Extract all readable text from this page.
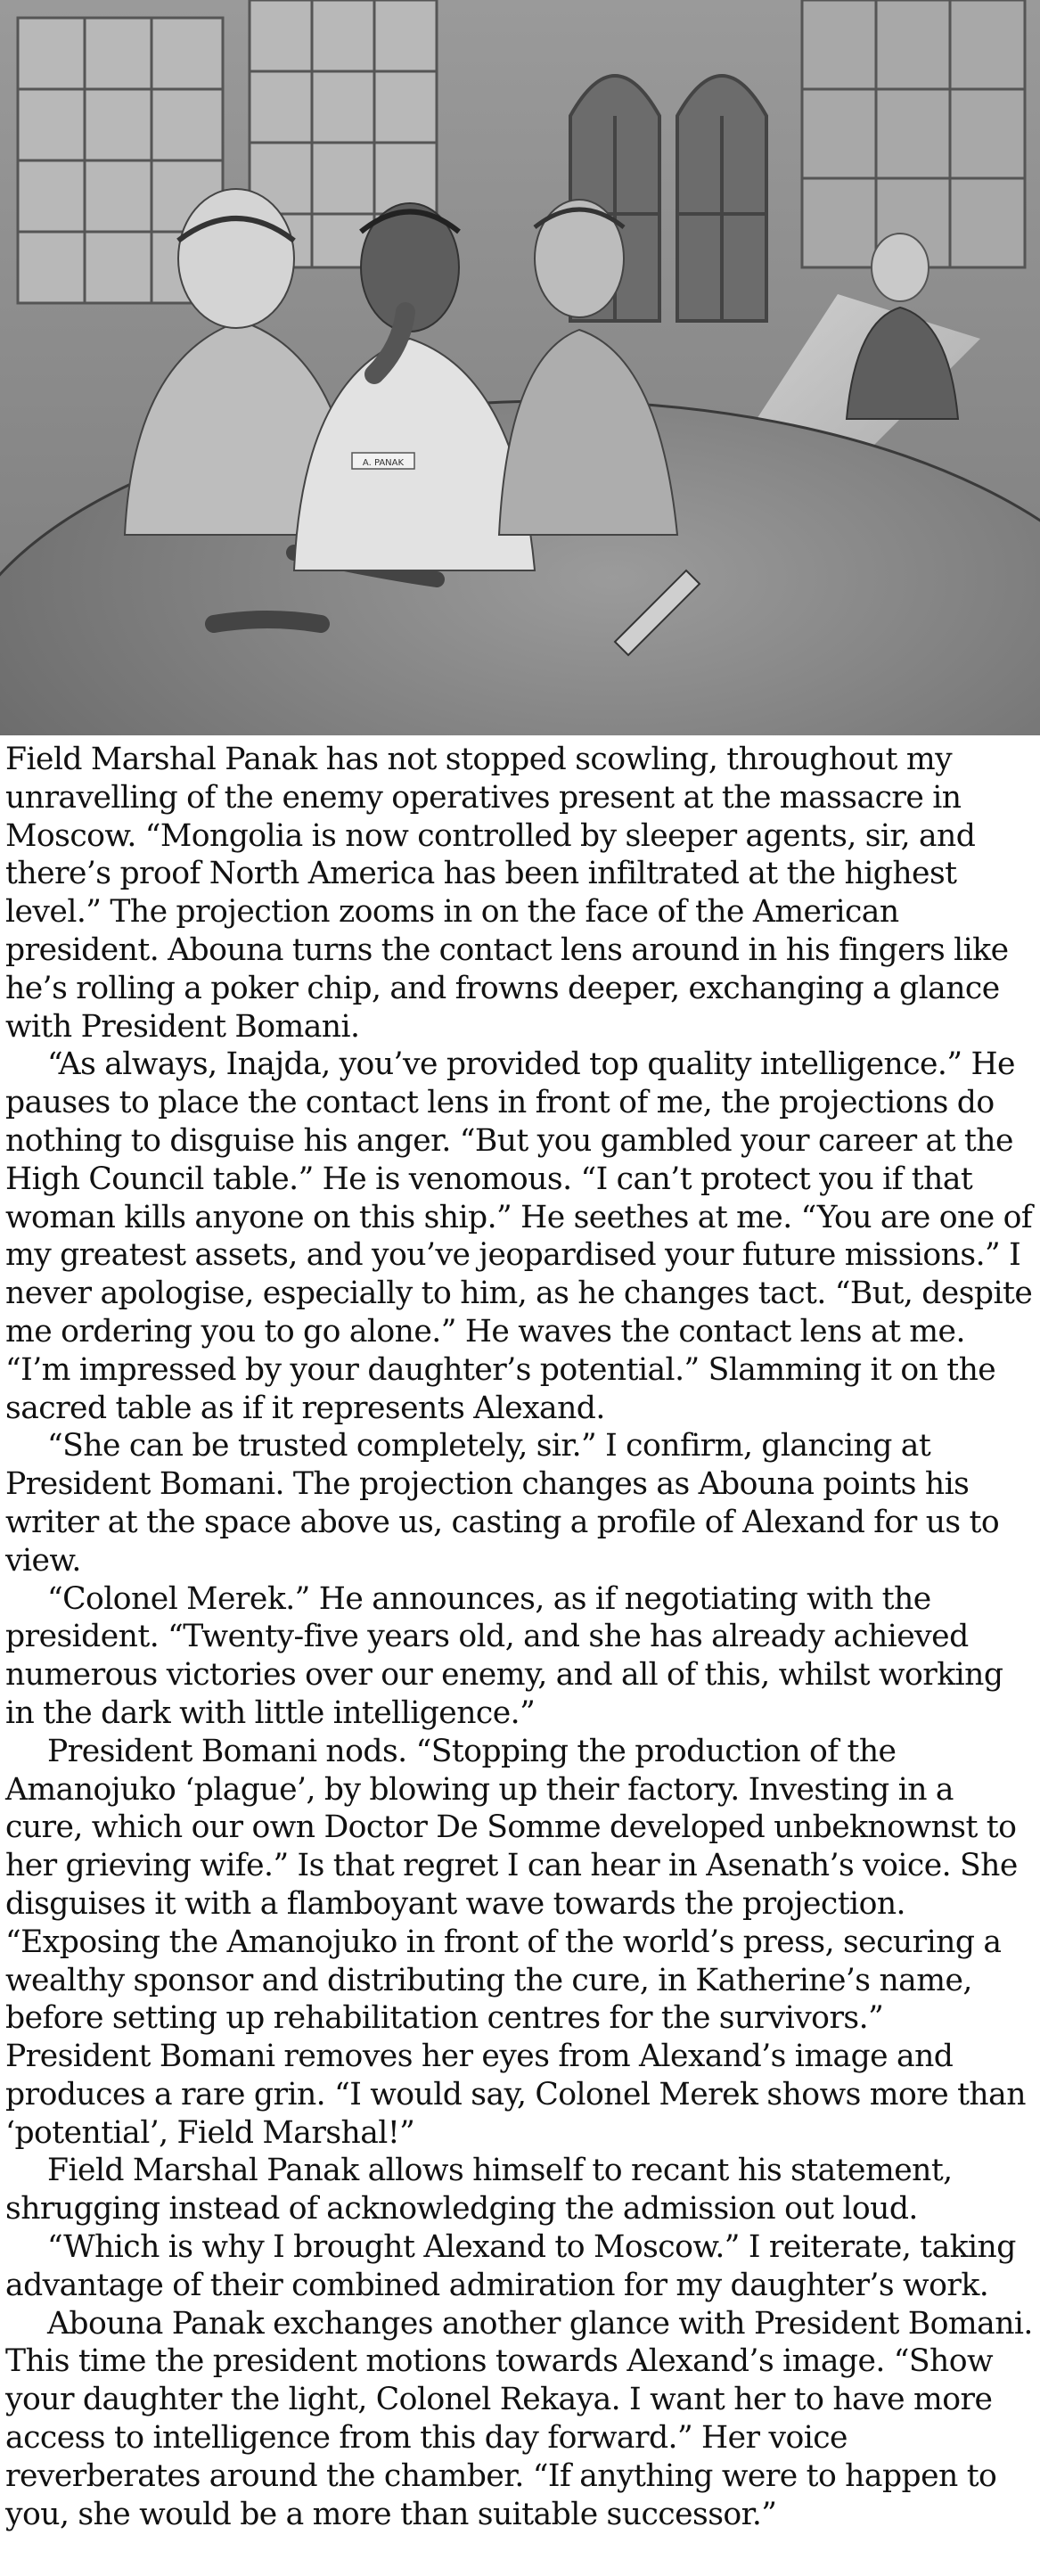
A. PANAK

Field Marshal Panak has not stopped scowling, throughout my unravelling of the enemy operatives present at the massacre in Moscow. “Mongolia is now controlled by sleeper agents, sir, and there’s proof North America has been infiltrated at the highest level.” The projection zooms in on the face of the American president. Abouna turns the contact lens around in his fingers like he’s rolling a poker chip, and frowns deeper, exchanging a glance with President Bomani.

“As always, Inajda, you’ve provided top quality intelligence.” He pauses to place the contact lens in front of me, the projections do nothing to disguise his anger. “But you gambled your career at the High Council table.” He is venomous. “I can’t protect you if that woman kills anyone on this ship.” He seethes at me. “You are one of my greatest assets, and you’ve jeopardised your future missions.” I never apologise, especially to him, as he changes tact. “But, despite me ordering you to go alone.” He waves the contact lens at me. “I’m impressed by your daughter’s potential.” Slamming it on the sacred table as if it represents Alexand.

“She can be trusted completely, sir.” I confirm, glancing at President Bomani. The projection changes as Abouna points his writer at the space above us, casting a profile of Alexand for us to view.

“Colonel Merek.” He announces, as if negotiating with the president. “Twenty-five years old, and she has already achieved numerous victories over our enemy, and all of this, whilst working in the dark with little intelligence.”

President Bomani nods. “Stopping the production of the Amanojuko ‘plague’, by blowing up their factory. Investing in a cure, which our own Doctor De Somme developed unbeknownst to her grieving wife.” Is that regret I can hear in Asenath’s voice. She disguises it with a flamboyant wave towards the projection. “Exposing the Amanojuko in front of the world’s press, securing a wealthy sponsor and distributing the cure, in Katherine’s name, before setting up rehabilitation centres for the survivors.” President Bomani removes her eyes from Alexand’s image and produces a rare grin. “I would say, Colonel Merek shows more than ‘potential’, Field Marshal!”

Field Marshal Panak allows himself to recant his statement, shrugging instead of acknowledging the admission out loud.

“Which is why I brought Alexand to Moscow.” I reiterate, taking advantage of their combined admiration for my daughter’s work.

Abouna Panak exchanges another glance with President Bomani. This time the president motions towards Alexand’s image. “Show your daughter the light, Colonel Rekaya. I want her to have more access to intelligence from this day forward.” Her voice reverberates around the chamber. “If anything were to happen to you, she would be a more than suitable successor.”
